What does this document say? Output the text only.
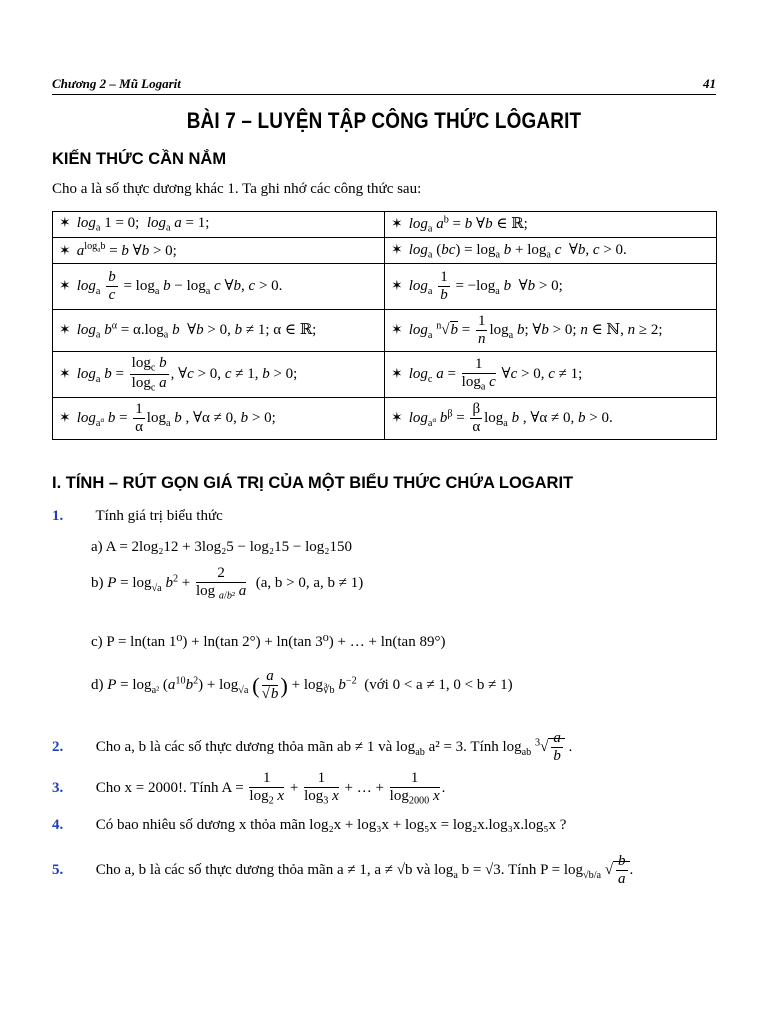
Chương 2 – Mũ Logarit	41
BÀI 7 – LUYỆN TẬP CÔNG THỨC LÔGARIT
KIẾN THỨC CẦN NẮM
Cho a là số thực dương khác 1. Ta ghi nhớ các công thức sau:
✶ $\log_a 1 = 0$;  $\log_a a = 1$;	✶ $\log_a a^b = b$ ∀b ∈ ℝ;
✶ $a^{log_ab} = b$ ∀b > 0;	✶ $\log_a (bc) = \log_a b + \log_a c$  ∀b, c > 0.
✶ $\log_a \frac{b}{c} = \log_a b - \log_a c$ ∀b, c > 0.	✶ $\log_a \frac{1}{b} = -\log_a$ b  ∀b > 0;
✶ $\log_a b^\alpha = \alpha.\log_a$ b  ∀b > 0, b ≠ 1; α ∈ ℝ;	✶ $\log_a ^n√b = \frac{1}{n} \log_a b$; ∀b > 0; n ∈ ℕ, n ≥ 2;
✶ $\log_a b = \frac{\log_c b}{\log_c a}$ , ∀c > 0, c ≠ 1, b > 0;	✶ $\log_c a = \frac{1}{\log_a c}$ ∀c > 0, c ≠ 1;
✶ $\log_{a^\alpha} b = \frac{1}{\alpha} \log_a b$ , ∀α ≠ 0, b > 0;	✶ $\log_{a^\alpha} b^\beta = \frac{\beta}{\alpha} \log_a b$ , ∀α ≠ 0, b > 0.
I. TÍNH – RÚT GỌN GIÁ TRỊ CỦA MỘT BIỂU THỨC CHỨA LOGARIT
1. Tính giá trị biểu thức
a) A = 2log₂12 + 3log₂5 − log₂15 − log₂150
b) $P = \log_{√a} b^2 + \frac{2}{\log _{a/b^2} a} (a$, b > 0, a, b ≠ 1)
c) P = ln(tan 1⁰) + ln(tan 2°) + ln(tan 3⁰) + … + ln(tan 89°)
d) $P = \log_{a^2} (a^{10}b^2) + \log_{√a}$ ( $\frac{a}{√b}$ ) + $\log_{∛b} b^{-2}$ (với 0 < a ≠ 1, 0 < b ≠ 1)
2. Cho a, b là các số thực dương thỏa mãn ab ≠ 1 và $\log_{ab} a^2 = 3$. Tính $\log_{ab} ^3√ \frac{a}{b}$ .
3. Cho x = 2000!. Tính $A = \frac{1}{\log_2 x} + \frac{1}{\log_3 x}$ + … + $\frac{1}{\log_{2000} x}$ .
4. Có bao nhiêu số dương x thỏa mãn log₂x + log₃x + log₅x = log₂x.log₃x.log₅x ?
5. Cho a, b là các số thực dương thỏa mãn a ≠ 1, a ≠ √b và $\log_a b = √3$. Tính $P = \log_{√b/a}$ √ $\frac{b}{a}$ .
